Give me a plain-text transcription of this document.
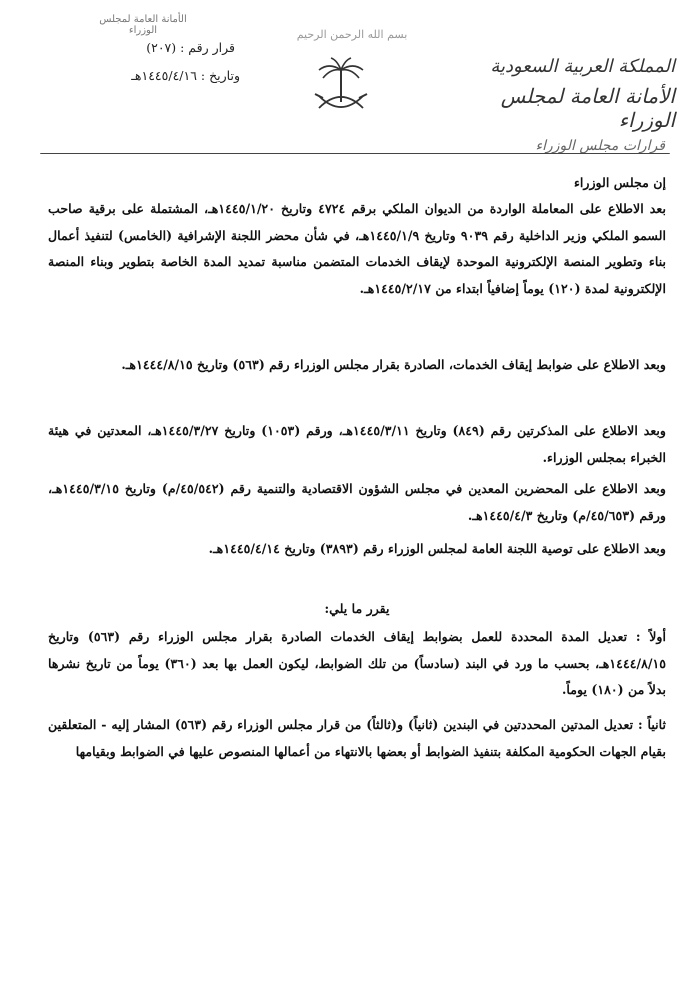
الأمانة العامة لمجلس الوزراء
قرار رقم : (٢٠٧)
وتاريخ : ١٤٤٥/٤/١٦هـ
بسم الله الرحمن الرحيم
المملكة العربية السعودية
الأمانة العامة لمجلس الوزراء
قرارات مجلس الوزراء
إن مجلس الوزراء
بعد الاطلاع على المعاملة الواردة من الديوان الملكي برقم ٤٧٢٤ وتاريخ ١٤٤٥/١/٢٠هـ، المشتملة على برقية صاحب السمو الملكي وزير الداخلية رقم ٩٠٣٩ وتاريخ ١٤٤٥/١/٩هـ، في شأن محضر اللجنة الإشرافية (الخامس) لتنفيذ أعمال بناء وتطوير المنصة الإلكترونية الموحدة لإيقاف الخدمات المتضمن مناسبة تمديد المدة الخاصة بتطوير وبناء المنصة الإلكترونية لمدة (١٢٠) يوماً إضافياً ابتداء من ١٤٤٥/٢/١٧هـ.
وبعد الاطلاع على ضوابط إيقاف الخدمات، الصادرة بقرار مجلس الوزراء رقم (٥٦٣) وتاريخ ١٤٤٤/٨/١٥هـ.
وبعد الاطلاع على المذكرتين رقم (٨٤٩) وتاريخ ١٤٤٥/٣/١١هـ، ورقم (١٠٥٣) وتاريخ ١٤٤٥/٣/٢٧هـ، المعدتين في هيئة الخبراء بمجلس الوزراء.
وبعد الاطلاع على المحضرين المعدين في مجلس الشؤون الاقتصادية والتنمية رقم (٤٥/٥٤٢/م) وتاريخ ١٤٤٥/٣/١٥هـ، ورقم (٤٥/٦٥٣/م) وتاريخ ١٤٤٥/٤/٣هـ.
وبعد الاطلاع على توصية اللجنة العامة لمجلس الوزراء رقم (٣٨٩٣) وتاريخ ١٤٤٥/٤/١٤هـ.
يقرر ما يلي:
أولاً : تعديل المدة المحددة للعمل بضوابط إيقاف الخدمات الصادرة بقرار مجلس الوزراء رقم (٥٦٣) وتاريخ ١٤٤٤/٨/١٥هـ، بحسب ما ورد في البند (سادساً) من تلك الضوابط، ليكون العمل بها بعد (٣٦٠) يوماً من تاريخ نشرها بدلاً من (١٨٠) يوماً.
ثانياً : تعديل المدتين المحددتين في البندين (ثانياً) و(ثالثاً) من قرار مجلس الوزراء رقم (٥٦٣) المشار إليه - المتعلقين بقيام الجهات الحكومية المكلفة بتنفيذ الضوابط أو بعضها بالانتهاء من أعمالها المنصوص عليها في الضوابط وبقيامها
